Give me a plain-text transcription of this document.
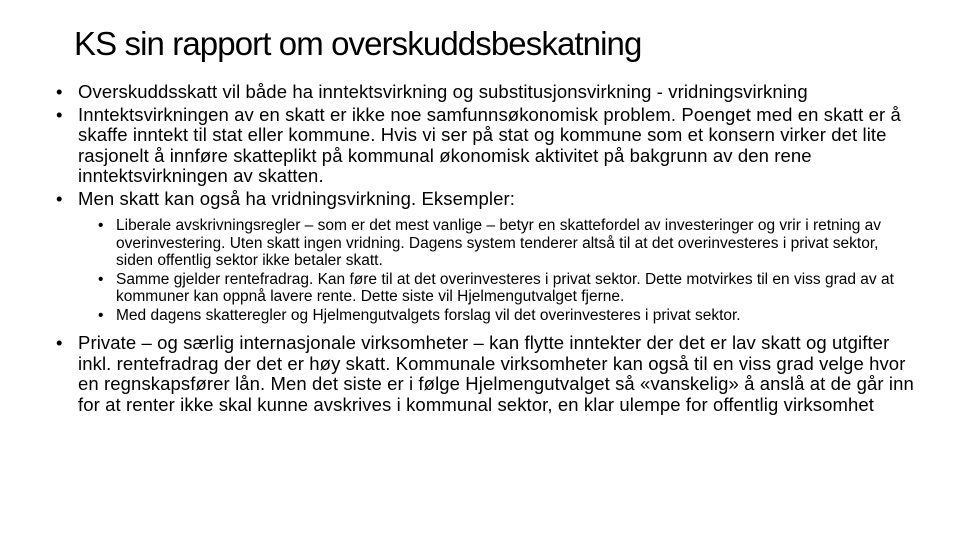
KS sin rapport om overskuddsbeskatning
• Overskuddsskatt vil både ha inntektsvirkning og substitusjonsvirkning - vridningsvirkning
• Inntektsvirkningen av en skatt er ikke noe samfunnsøkonomisk problem. Poenget med en skatt er å skaffe inntekt til stat eller kommune. Hvis vi ser på stat og kommune som et konsern virker det lite rasjonelt å innføre skatteplikt på kommunal økonomisk aktivitet på bakgrunn av den rene inntektsvirkningen av skatten.
• Men skatt kan også ha vridningsvirkning. Eksempler:
• Liberale avskrivningsregler – som er det mest vanlige – betyr en skattefordel av investeringer og vrir i retning av overinvestering. Uten skatt ingen vridning. Dagens system tenderer altså til at det overinvesteres i privat sektor, siden offentlig sektor ikke betaler skatt.
• Samme gjelder rentefradrag. Kan føre til at det overinvesteres i privat sektor. Dette motvirkes til en viss grad av at kommuner kan oppnå lavere rente. Dette siste vil Hjelmengutvalget fjerne.
• Med dagens skatteregler og Hjelmengutvalgets forslag vil det overinvesteres i privat sektor.
• Private – og særlig internasjonale virksomheter – kan flytte inntekter der det er lav skatt og utgifter inkl. rentefradrag der det er høy skatt. Kommunale virksomheter kan også til en viss grad velge hvor en regnskapsfører lån. Men det siste er i følge Hjelmengutvalget så «vanskelig» å anslå at de går inn for at renter ikke skal kunne avskrives i kommunal sektor, en klar ulempe for offentlig virksomhet
